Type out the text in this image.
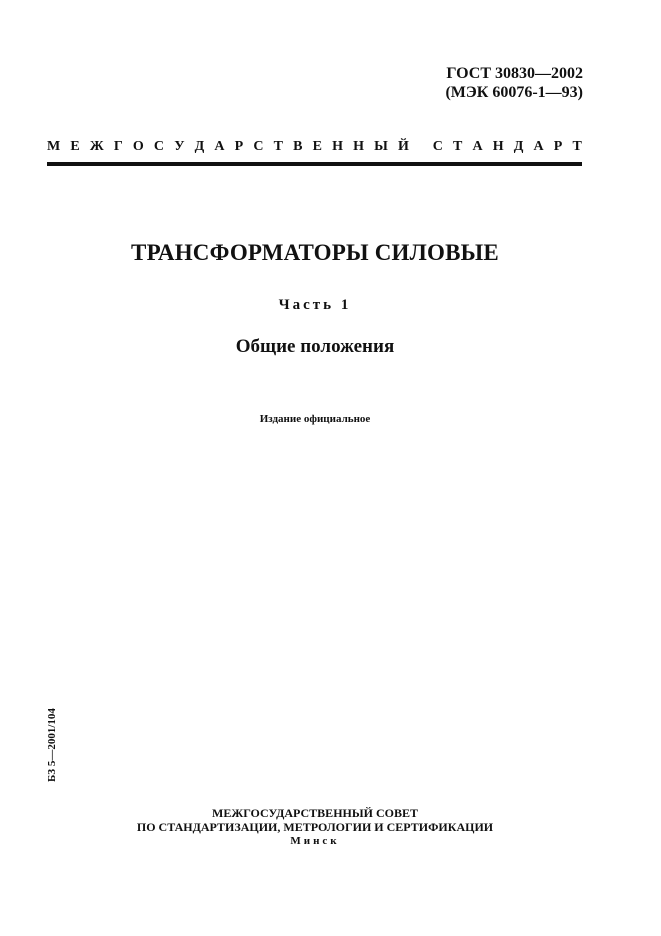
ГОСТ 30830—2002
(МЭК 60076-1—93)
М Е Ж Г О С У Д А Р С Т В Е Н Н Ы Й
С Т А Н Д А Р Т
ТРАНСФОРМАТОРЫ СИЛОВЫЕ
Часть 1
Общие положения
Издание официальное
БЗ 5—2001/104
МЕЖГОСУДАРСТВЕННЫЙ СОВЕТ
ПО СТАНДАРТИЗАЦИИ, МЕТРОЛОГИИ И СЕРТИФИКАЦИИ
Минск
